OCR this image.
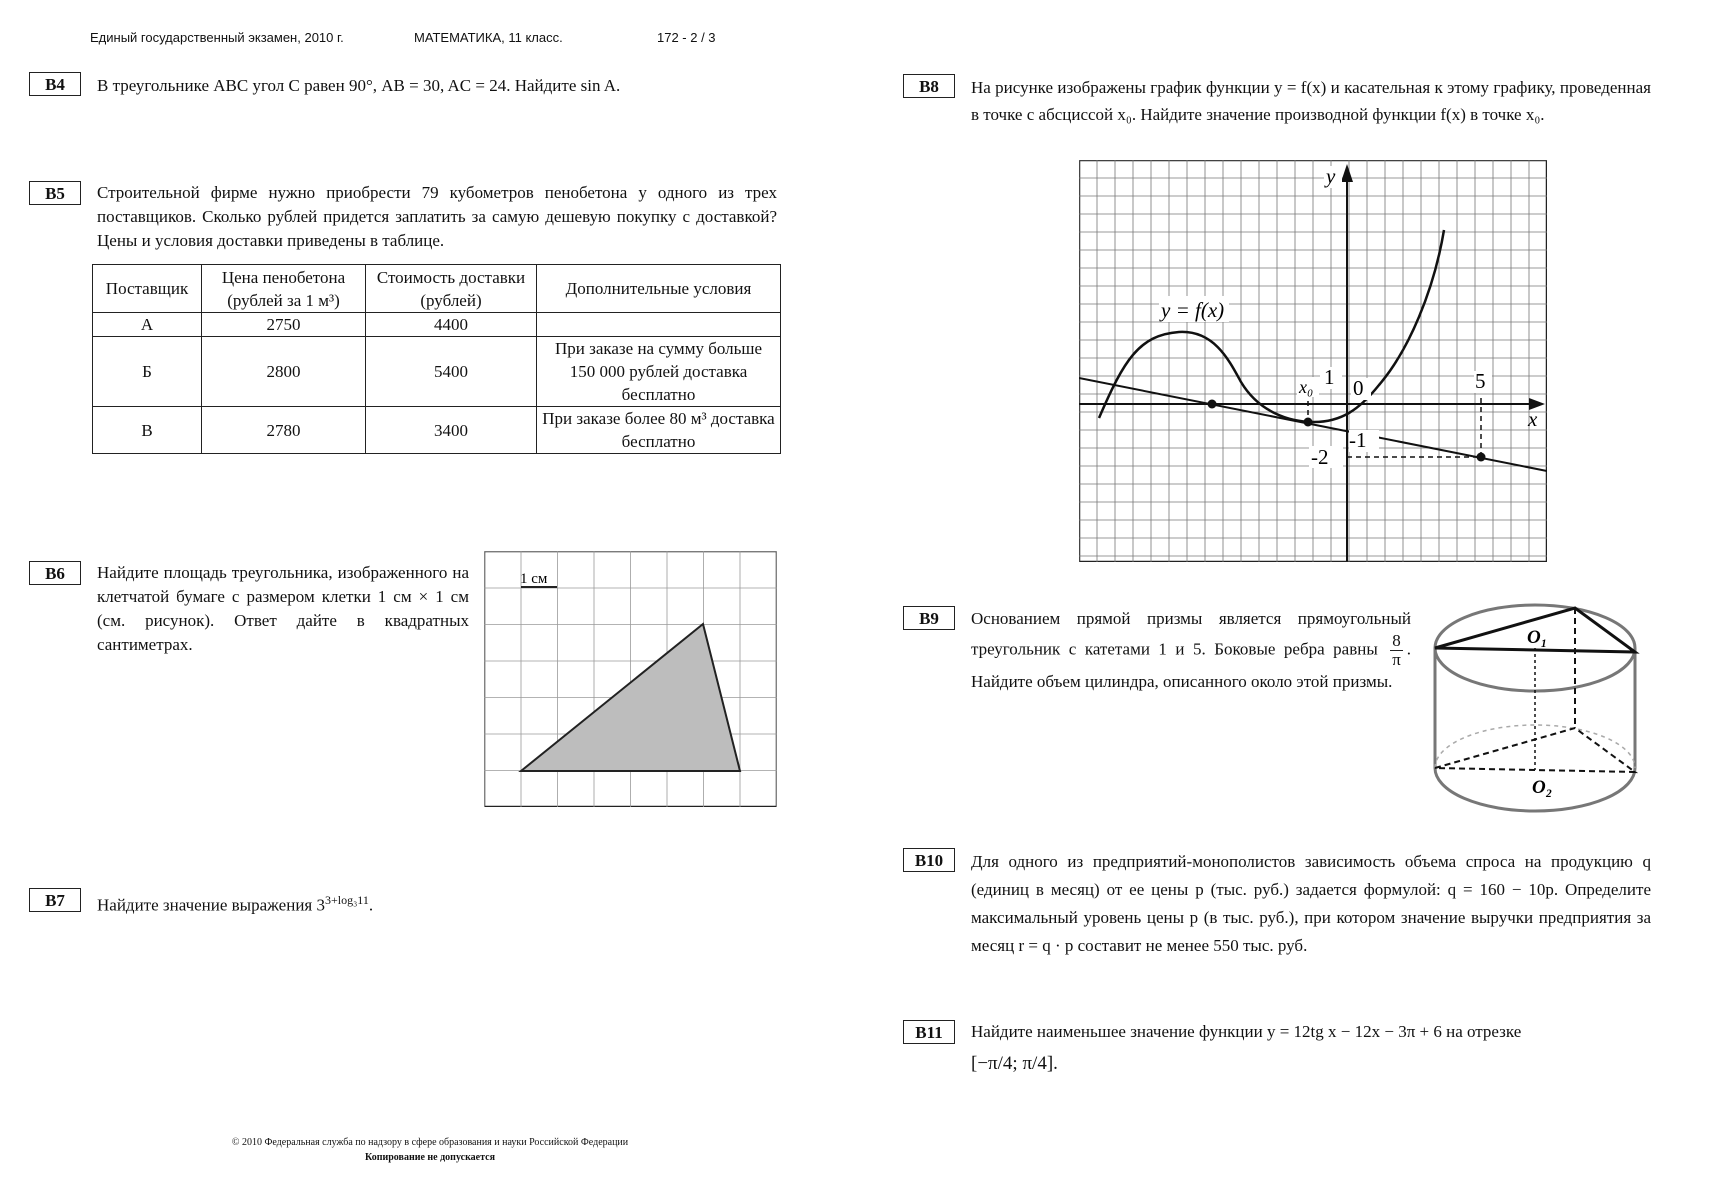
Единый государственный экзамен, 2010 г.	МАТЕМАТИКА, 11 класс.	172 - 2 / 3
B4	В треугольнике ABC угол C равен 90°, AB = 30, AC = 24. Найдите sin A.
B5	Строительной фирме нужно приобрести 79 кубометров пенобетона у одного из трех поставщиков. Сколько рублей придется заплатить за самую дешевую покупку с доставкой? Цены и условия доставки приведены в таблице.
Поставщик	Цена пенобетона (рублей за 1 м³)	Стоимость доставки (рублей)	Дополнительные условия
А	2750	4400	
Б	2800	5400	При заказе на сумму больше 150 000 рублей доставка бесплатно
В	2780	3400	При заказе более 80 м³ доставка бесплатно
B6	Найдите площадь треугольника, изображенного на клетчатой бумаге с размером клетки 1 см × 1 см (см. рисунок). Ответ дайте в квадратных сантиметрах.
1 см
B7	Найдите значение выражения $3^{3+log_311}$.
B8	На рисунке изображены график функции y = f(x) и касательная к этому графику, проведенная в точке с абсциссой x₀. Найдите значение производной функции f(x) в точке x₀.
y = f(x)
y
x
x₀ 1 0	5
-1
-2
B9	Основанием прямой призмы является прямоугольный треугольник с катетами 1 и 5. Боковые ребра равны $\frac{8}{\pi}$ . Найдите объем цилиндра, описанного около этой призмы.
O₁
O₂
B10	Для одного из предприятий-монополистов зависимость объема спроса на продукцию q (единиц в месяц) от ее цены p (тыс. руб.) задается формулой: q = 160 − 10p. Определите максимальный уровень цены p (в тыс. руб.), при котором значение выручки предприятия за месяц r = q · p составит не менее 550 тыс. руб.
B11	Найдите наименьшее значение функции y = 12tg x − 12x − 3π + 6 на отрезке
[−π/4; π/4].
© 2010 Федеральная служба по надзору в сфере образования и науки Российской Федерации
Копирование не допускается
